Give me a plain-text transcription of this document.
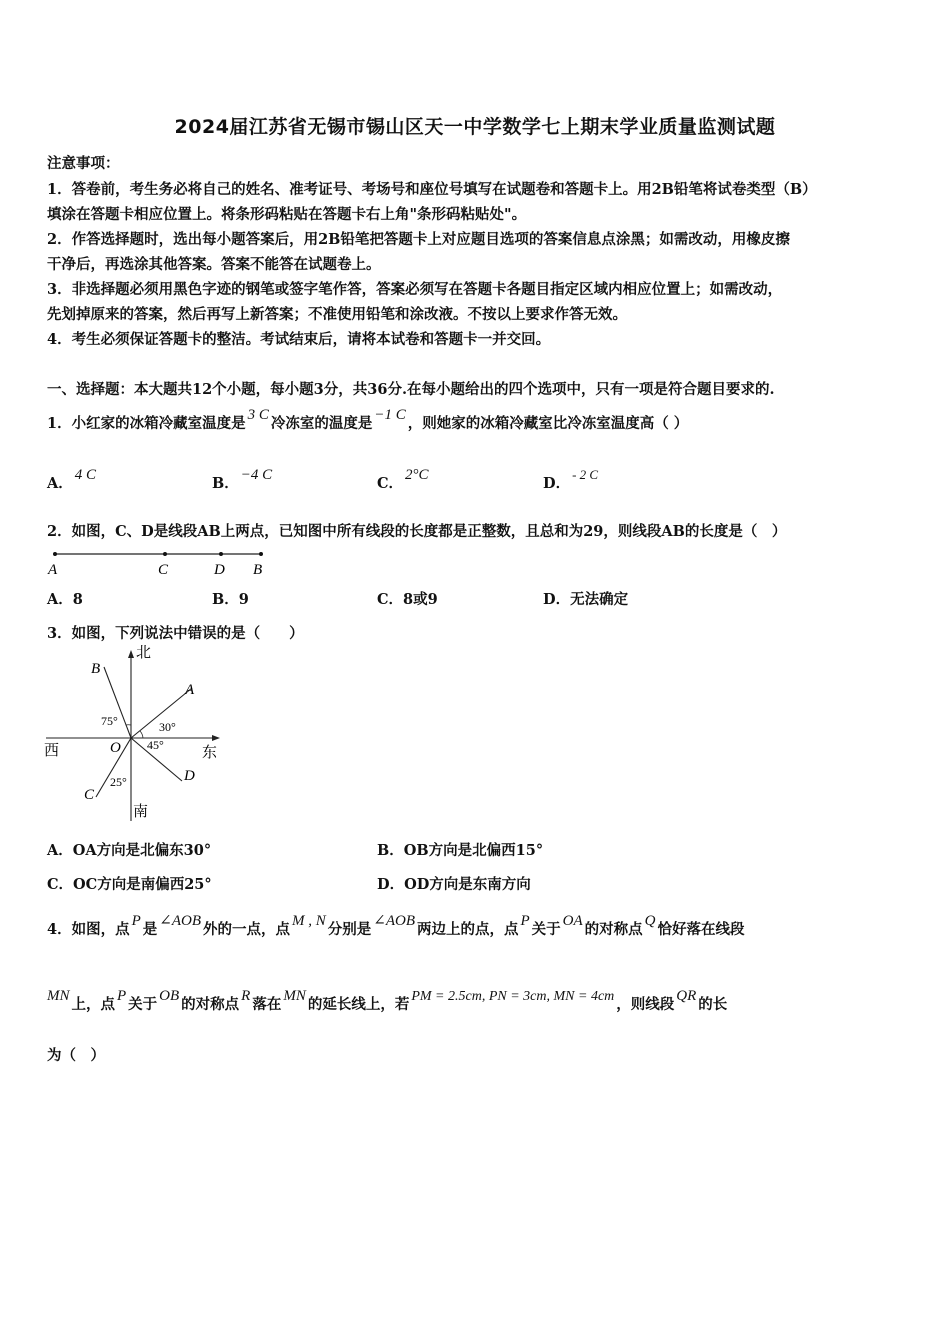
2024届江苏省无锡市锡山区天一中学数学七上期末学业质量监测试题
注意事项：
1．答卷前，考生务必将自己的姓名、准考证号、考场号和座位号填写在试题卷和答题卡上。用2B铅笔将试卷类型（B）
填涂在答题卡相应位置上。将条形码粘贴在答题卡右上角"条形码粘贴处"。
2．作答选择题时，选出每小题答案后，用2B铅笔把答题卡上对应题目选项的答案信息点涂黑；如需改动，用橡皮擦
干净后，再选涂其他答案。答案不能答在试题卷上。
3．非选择题必须用黑色字迹的钢笔或签字笔作答，答案必须写在答题卡各题目指定区域内相应位置上；如需改动，
先划掉原来的答案，然后再写上新答案；不准使用铅笔和涂改液。不按以上要求作答无效。
4．考生必须保证答题卡的整洁。考试结束后，请将本试卷和答题卡一并交回。
一、选择题：本大题共12个小题，每小题3分，共36分.在每小题给出的四个选项中，只有一项是符合题目要求的.
1．小红家的冰箱冷藏室温度是 3 C 冷冻室的温度是 −1 C ，则她家的冰箱冷藏室比冷冻室温度高（ ）
A． 4 C	B． −4 C	C． 2°C	D．- 2 C
2．如图，C、D是线段AB上两点，已知图中所有线段的长度都是正整数，且总和为29，则线段AB的长度是（　）
A	C	D B
A．8	B．9	C．8或9	D．无法确定
3．如图，下列说法中错误的是（　　）
北
南
西	东
O
A
B
C
D
75°	30°
45°
25°
A．OA方向是北偏东30°	B．OB方向是北偏西15°
C．OC方向是南偏西25°	D．OD方向是东南方向
4．如图，点 P 是 ∠AOB 外的一点，点 M , N 分别是 ∠AOB 两边上的点，点 P 关于 OA 的对称点 Q 恰好落在线段
MN 上，点 P 关于 OB 的对称点 R 落在 MN 的延长线上，若 PM = 2.5cm, PN = 3cm, MN = 4cm ，则线段 QR 的长
为（　）
